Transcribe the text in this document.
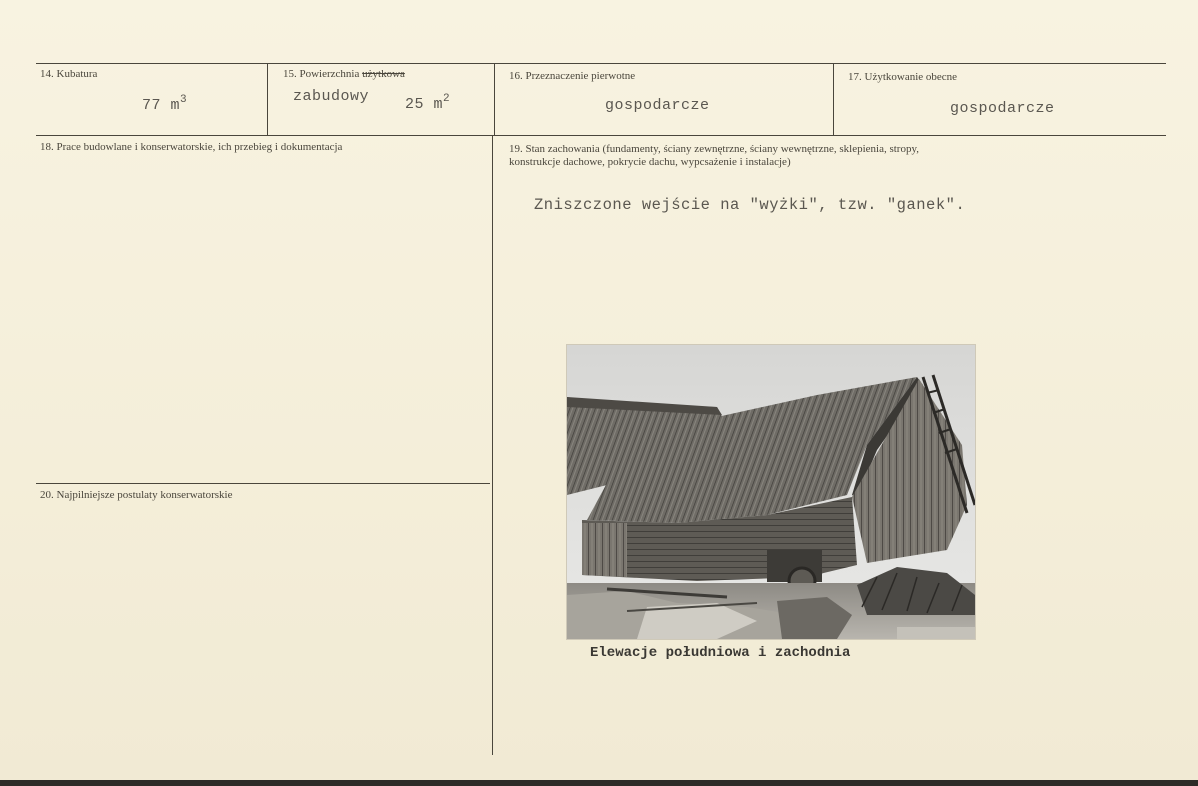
14. Kubatura
77 $m^3$
15. Powierzchnia użytkowa
zabudowy 25 $m^2$
16. Przeznaczenie pierwotne
gospodarcze
17. Użytkowanie obecne
gospodarcze
18. Prace budowlane i konserwatorskie, ich przebieg i dokumentacja	19. Stan zachowania (fundamenty, ściany zewnętrzne, ściany wewnętrzne, sklepienia, stropy,
konstrukcje dachowe, pokrycie dachu, wypcsażenie i instalacje)
Zniszczone wejście na "wyżki", tzw. "ganek".
20. Najpilniejsze postulaty konserwatorskie
Elewacje południowa i zachodnia
